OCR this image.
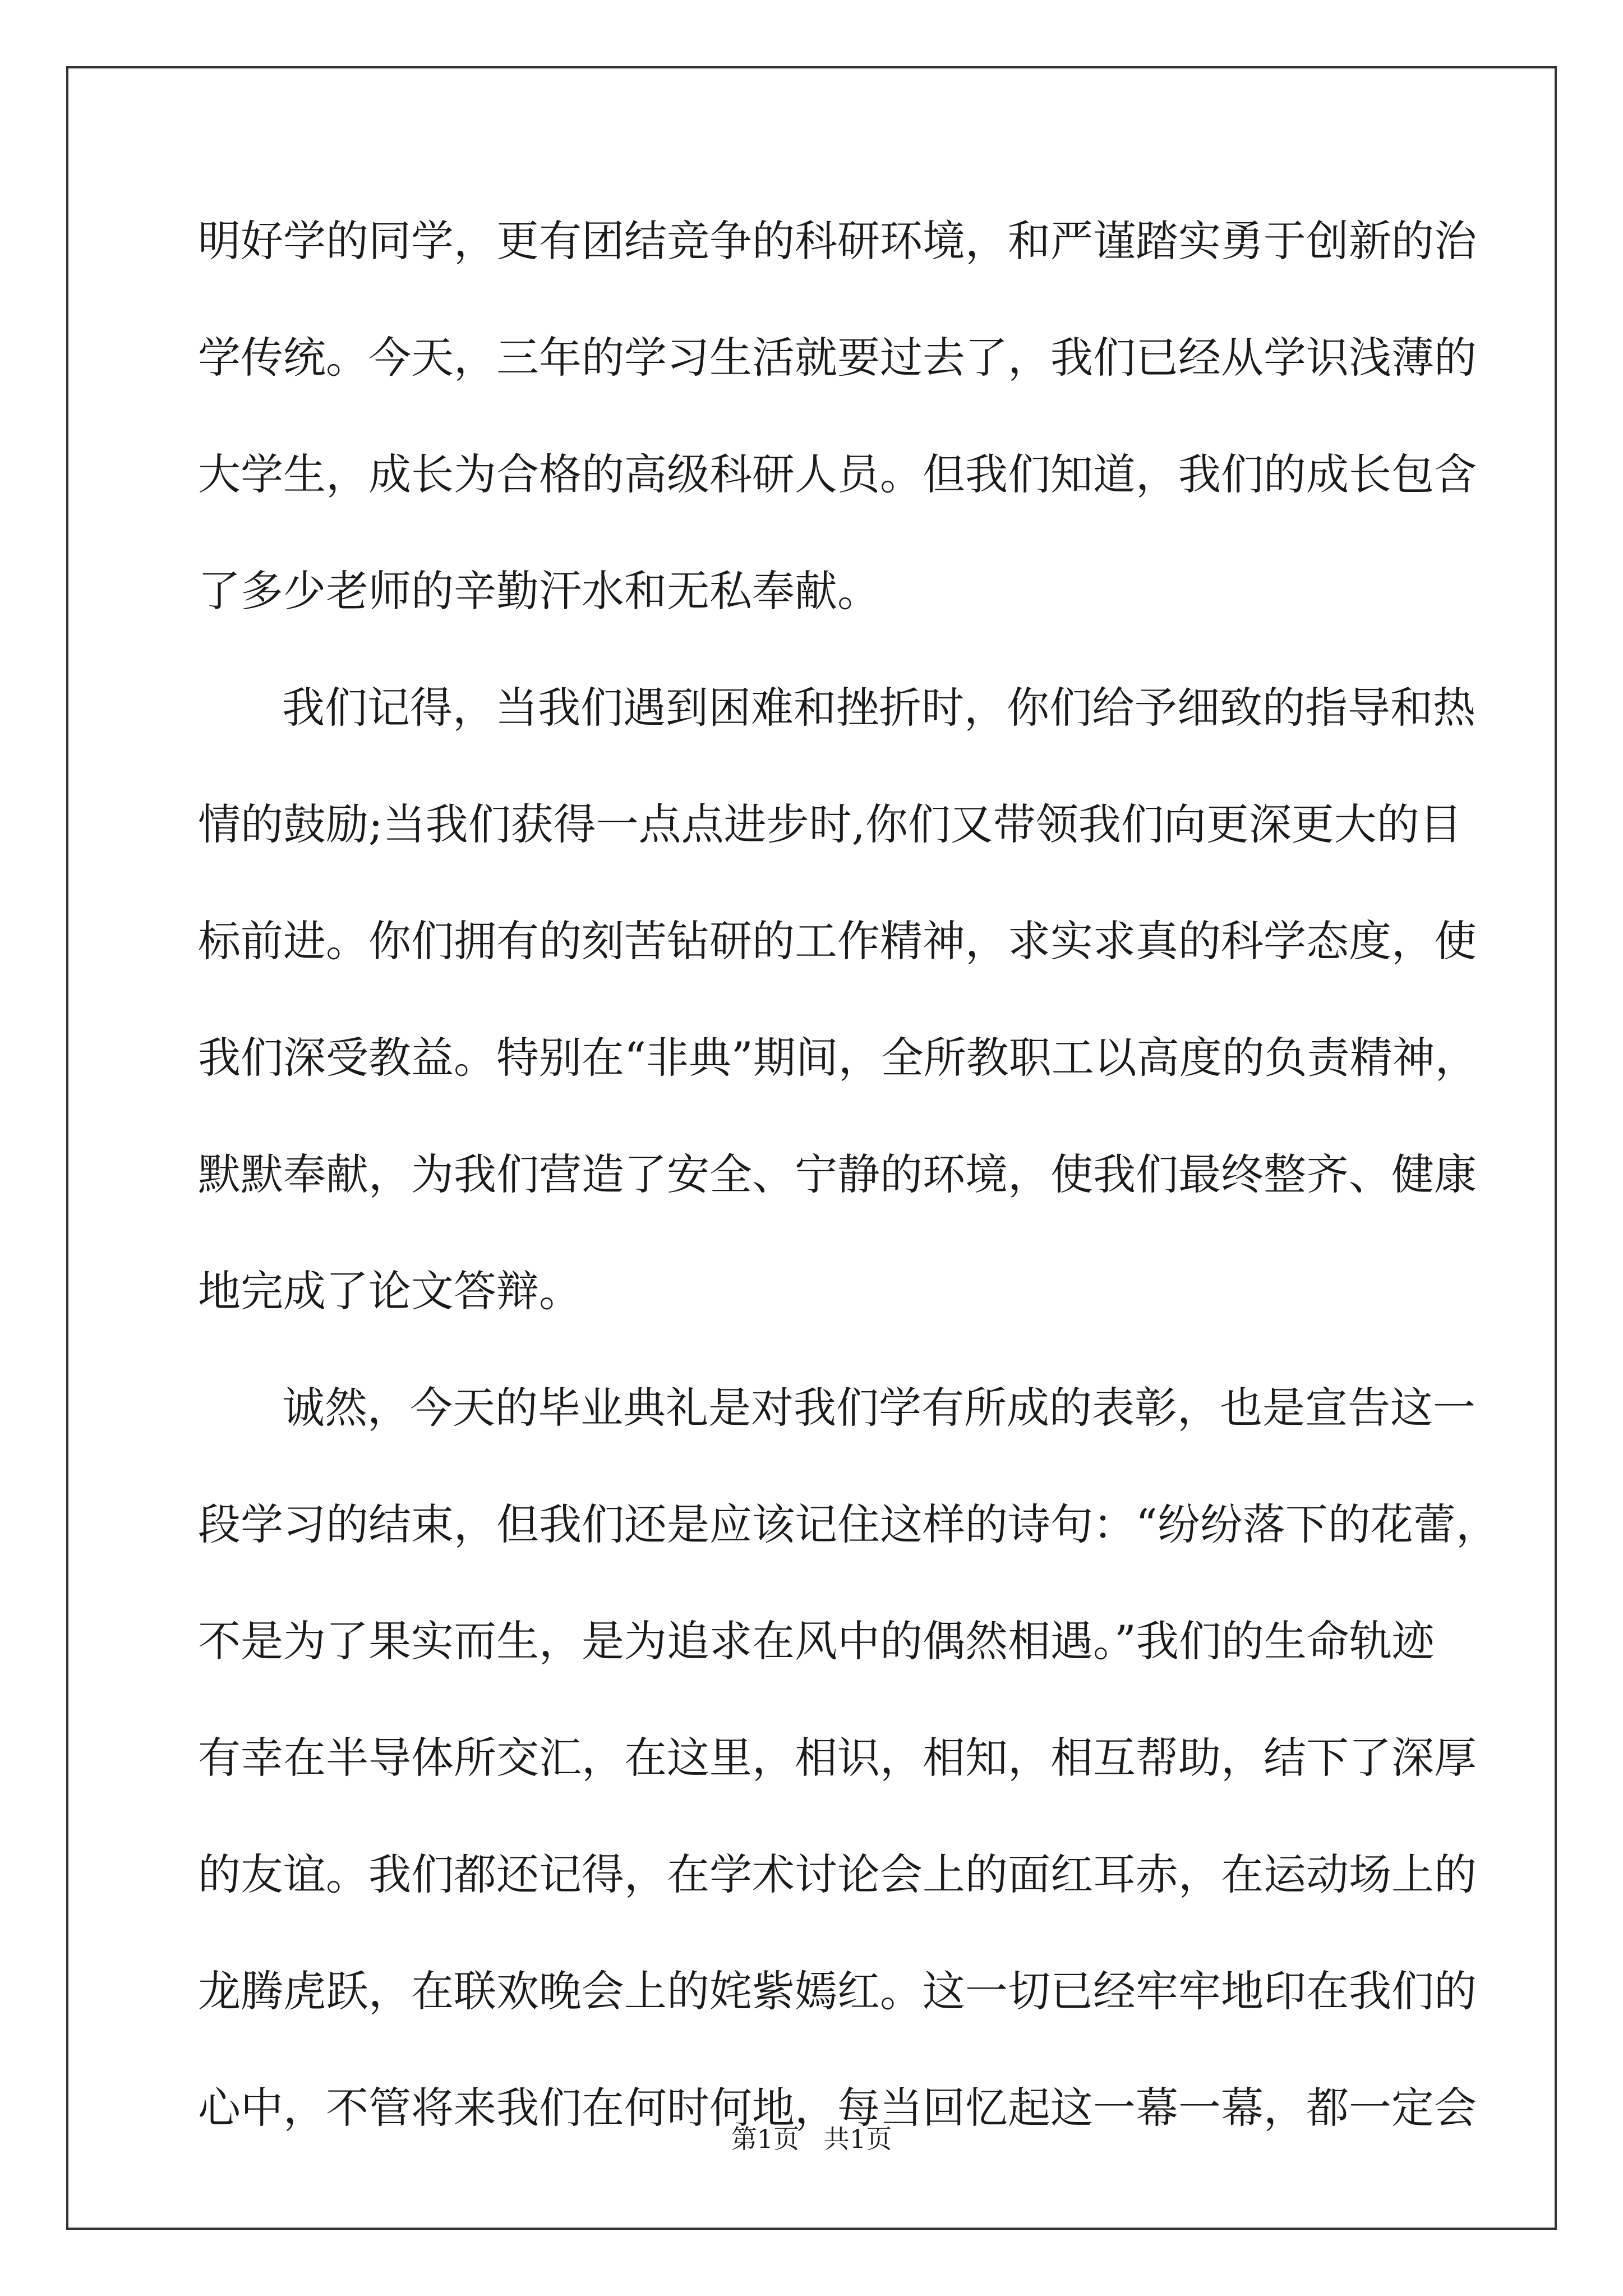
明好学的同学，更有团结竞争的科研环境，和严谨踏实勇于创新的治
学传统。今天，三年的学习生活就要过去了，我们已经从学识浅薄的
大学生，成长为合格的高级科研人员。但我们知道，我们的成长包含
了多少老师的辛勤汗水和无私奉献。
我们记得，当我们遇到困难和挫折时，你们给予细致的指导和热
情的鼓励;当我们获得一点点进步时,你们又带领我们向更深更大的目
标前进。你们拥有的刻苦钻研的工作精神，求实求真的科学态度，使
我们深受教益。特别在“非典”期间，全所教职工以高度的负责精神，
默默奉献，为我们营造了安全、宁静的环境，使我们最终整齐、健康
地完成了论文答辩。
诚然，今天的毕业典礼是对我们学有所成的表彰，也是宣告这一
段学习的结束，但我们还是应该记住这样的诗句：“纷纷落下的花蕾，
不是为了果实而生，是为追求在风中的偶然相遇。”我们的生命轨迹
有幸在半导体所交汇，在这里，相识，相知，相互帮助，结下了深厚
的友谊。我们都还记得，在学术讨论会上的面红耳赤，在运动场上的
龙腾虎跃，在联欢晚会上的姹紫嫣红。这一切已经牢牢地印在我们的
心中，不管将来我们在何时何地，每当回忆起这一幕一幕，都一定会
第1页   共1页
